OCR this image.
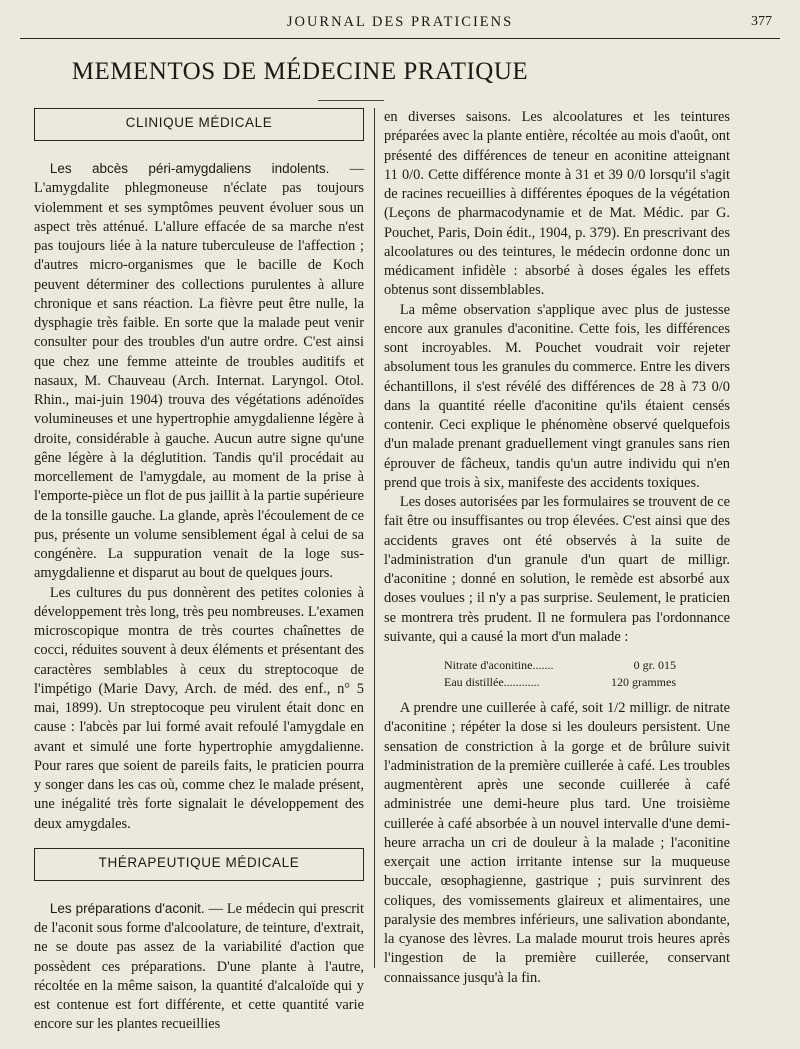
JOURNAL DES PRATICIENS	377
MEMENTOS DE MÉDECINE PRATIQUE
CLINIQUE MÉDICALE

Les abcès péri-amygdaliens indolents. — L'amygdalite phlegmoneuse n'éclate pas toujours violemment et ses symptômes peuvent évoluer sous un aspect très atténué. L'allure effacée de sa marche n'est pas toujours liée à la nature tuberculeuse de l'affection ; d'autres micro-organismes que le bacille de Koch peuvent déterminer des collections purulentes à allure chronique et sans réaction. La fièvre peut être nulle, la dysphagie très faible. En sorte que la malade peut venir consulter pour des troubles d'un autre ordre. C'est ainsi que chez une femme atteinte de troubles auditifs et nasaux, M. Chauveau (Arch. Internat. Laryngol. Otol. Rhin., mai-juin 1904) trouva des végétations adénoïdes volumineuses et une hypertrophie amygdalienne légère à droite, considérable à gauche. Aucun autre signe qu'une gêne légère à la déglutition. Tandis qu'il procédait au morcellement de l'amygdale, au moment de la prise à l'emporte-pièce un flot de pus jaillit à la partie supérieure de la tonsille gauche. La glande, après l'écoulement de ce pus, présente un volume sensiblement égal à celui de sa congénère. La suppuration venait de la loge sus-amygdalienne et disparut au bout de quelques jours.

Les cultures du pus donnèrent des petites colonies à développement très long, très peu nombreuses. L'examen microscopique montra de très courtes chaînettes de cocci, réduites souvent à deux éléments et présentant des caractères semblables à ceux du streptocoque de l'impétigo (Marie Davy, Arch. de méd. des enf., n° 5 mai, 1899). Un streptocoque peu virulent était donc en cause : l'abcès par lui formé avait refoulé l'amygdale en avant et simulé une forte hypertrophie amygdalienne. Pour rares que soient de pareils faits, le praticien pourra y songer dans les cas où, comme chez le malade présent, une inégalité très forte signalait le développement des deux amygdales.

THÉRAPEUTIQUE MÉDICALE

Les préparations d'aconit. — Le médecin qui prescrit de l'aconit sous forme d'alcoolature, de teinture, d'extrait, ne se doute pas assez de la variabilité d'action que possèdent ces préparations. D'une plante à l'autre, récoltée en la même saison, la quantité d'alcaloïde qui y est contenue est fort différente, et cette quantité varie encore sur les plantes recueillies

en diverses saisons. Les alcoolatures et les teintures préparées avec la plante entière, récoltée au mois d'août, ont présenté des différences de teneur en aconitine atteignant 11 0/0. Cette différence monte à 31 et 39 0/0 lorsqu'il s'agit de racines recueillies à différentes époques de la végétation (Leçons de pharmacodynamie et de Mat. Médic. par G. Pouchet, Paris, Doin édit., 1904, p. 379). En prescrivant des alcoolatures ou des teintures, le médecin ordonne donc un médicament infidèle : absorbé à doses égales les effets obtenus sont dissemblables.

La même observation s'applique avec plus de justesse encore aux granules d'aconitine. Cette fois, les différences sont incroyables. M. Pouchet voudrait voir rejeter absolument tous les granules du commerce. Entre les divers échantillons, il s'est révélé des différences de 28 à 73 0/0 dans la quantité réelle d'aconitine qu'ils étaient censés contenir. Ceci explique le phénomène observé quelquefois d'un malade prenant graduellement vingt granules sans rien éprouver de fâcheux, tandis qu'un autre individu qui n'en prend que trois à six, manifeste des accidents toxiques.

Les doses autorisées par les formulaires se trouvent de ce fait être ou insuffisantes ou trop élevées. C'est ainsi que des accidents graves ont été observés à la suite de l'administration d'un granule d'un quart de milligr. d'aconitine ; donné en solution, le remède est absorbé aux doses voulues ; il n'y a pas surprise. Seulement, le praticien se montrera très prudent. Il ne formulera pas l'ordonnance suivante, qui a causé la mort d'un malade :

Nitrate d'aconitine.......	0 gr. 015
Eau distillée............	120 grammes

A prendre une cuillerée à café, soit 1/2 milligr. de nitrate d'aconitine ; répéter la dose si les douleurs persistent. Une sensation de constriction à la gorge et de brûlure suivit l'administration de la première cuillerée à café. Les troubles augmentèrent après une seconde cuillerée à café administrée une demi-heure plus tard. Une troisième cuillerée à café absorbée à un nouvel intervalle d'une demi-heure arracha un cri de douleur à la malade ; l'aconitine exerçait une action irritante intense sur la muqueuse buccale, œsophagienne, gastrique ; puis survinrent des coliques, des vomissements glaireux et alimentaires, une paralysie des membres inférieurs, une salivation abondante, la cyanose des lèvres. La malade mourut trois heures après l'ingestion de la première cuillerée, conservant connaissance jusqu'à la fin.
